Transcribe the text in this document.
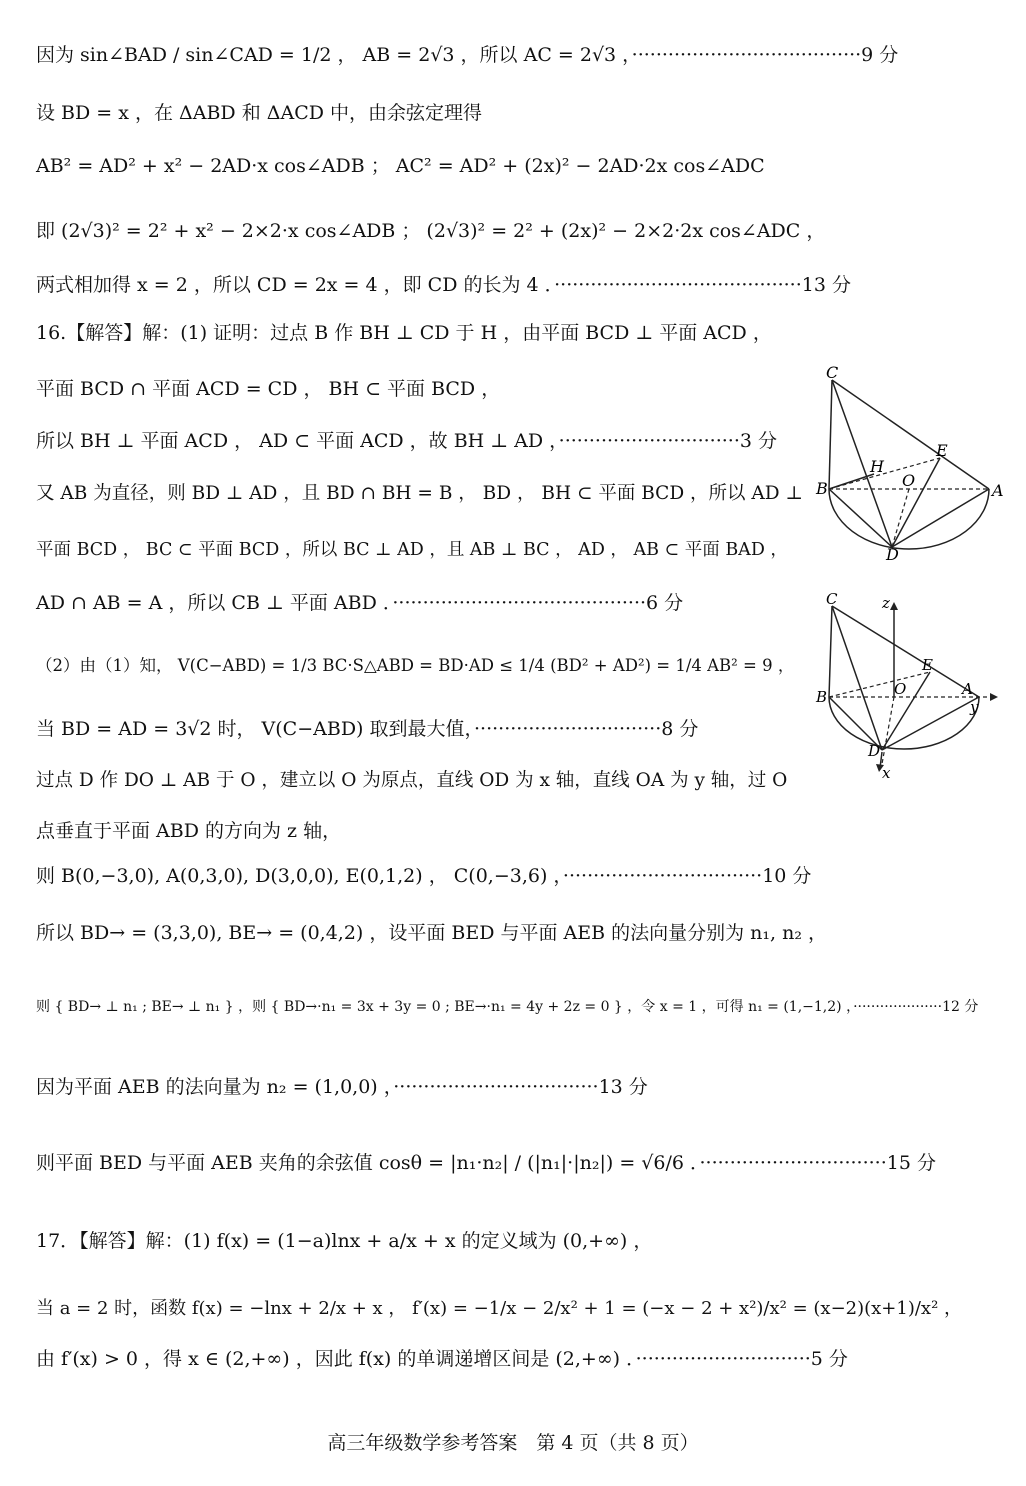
因为 sin∠BAD / sin∠CAD = 1/2 ， AB = 2√3 ，所以 AC = 2√3 ，······································9 分
设 BD = x ，在 ΔABD 和 ΔACD 中，由余弦定理得
AB² = AD² + x² − 2AD·x cos∠ADB ； AC² = AD² + (2x)² − 2AD·2x cos∠ADC
即 (2√3)² = 2² + x² − 2×2·x cos∠ADB ； (2√3)² = 2² + (2x)² − 2×2·2x cos∠ADC ，
两式相加得 x = 2 ，所以 CD = 2x = 4 ，即 CD 的长为 4 ．·········································13 分
16.【解答】解：(1) 证明：过点 B 作 BH ⊥ CD 于 H ，由平面 BCD ⊥ 平面 ACD ，
平面 BCD ∩ 平面 ACD = CD ， BH ⊂ 平面 BCD ，
所以 BH ⊥ 平面 ACD ， AD ⊂ 平面 ACD ，故 BH ⊥ AD ，······························3 分
又 AB 为直径，则 BD ⊥ AD ，且 BD ∩ BH = B ， BD ， BH ⊂ 平面 BCD ，所以 AD ⊥
平面 BCD ， BC ⊂ 平面 BCD ，所以 BC ⊥ AD ，且 AB ⊥ BC ， AD ， AB ⊂ 平面 BAD ，
AD ∩ AB = A ，所以 CB ⊥ 平面 ABD ．··········································6 分
（2）由（1）知， V(C−ABD) = 1/3 BC·S△ABD = BD·AD ≤ 1/4 (BD² + AD²) = 1/4 AB² = 9 ，
当 BD = AD = 3√2 时， V(C−ABD) 取到最大值，·······························8 分
过点 D 作 DO ⊥ AB 于 O ，建立以 O 为原点，直线 OD 为 x 轴，直线 OA 为 y 轴，过 O
点垂直于平面 ABD 的方向为 z 轴，
则 B(0,−3,0), A(0,3,0), D(3,0,0), E(0,1,2) ， C(0,−3,6) ，·································10 分
所以 BD→ = (3,3,0), BE→ = (0,4,2) ，设平面 BED 与平面 AEB 的法向量分别为 n₁, n₂ ，
则 { BD→ ⊥ n₁ ; BE→ ⊥ n₁ } ，则 { BD→·n₁ = 3x + 3y = 0 ; BE→·n₁ = 4y + 2z = 0 } ，令 x = 1 ，可得 n₁ = (1,−1,2) ，····················12 分
因为平面 AEB 的法向量为 n₂ = (1,0,0) ，··································13 分
则平面 BED 与平面 AEB 夹角的余弦值 cosθ = |n₁·n₂| / (|n₁|·|n₂|) = √6/6 ．·······························15 分
17．【解答】解：(1) f(x) = (1−a)lnx + a/x + x 的定义域为 (0,+∞) ，
当 a = 2 时，函数 f(x) = −lnx + 2/x + x ， f′(x) = −1/x − 2/x² + 1 = (−x − 2 + x²)/x² = (x−2)(x+1)/x² ，
由 f′(x) > 0 ，得 x ∈ (2,+∞) ，因此 f(x) 的单调递增区间是 (2,+∞) ．·····························5 分
C
H
E
B	O
A
D
C	z
E
B	O	A
y
D
x
高三年级数学参考答案　第 4 页（共 8 页）
